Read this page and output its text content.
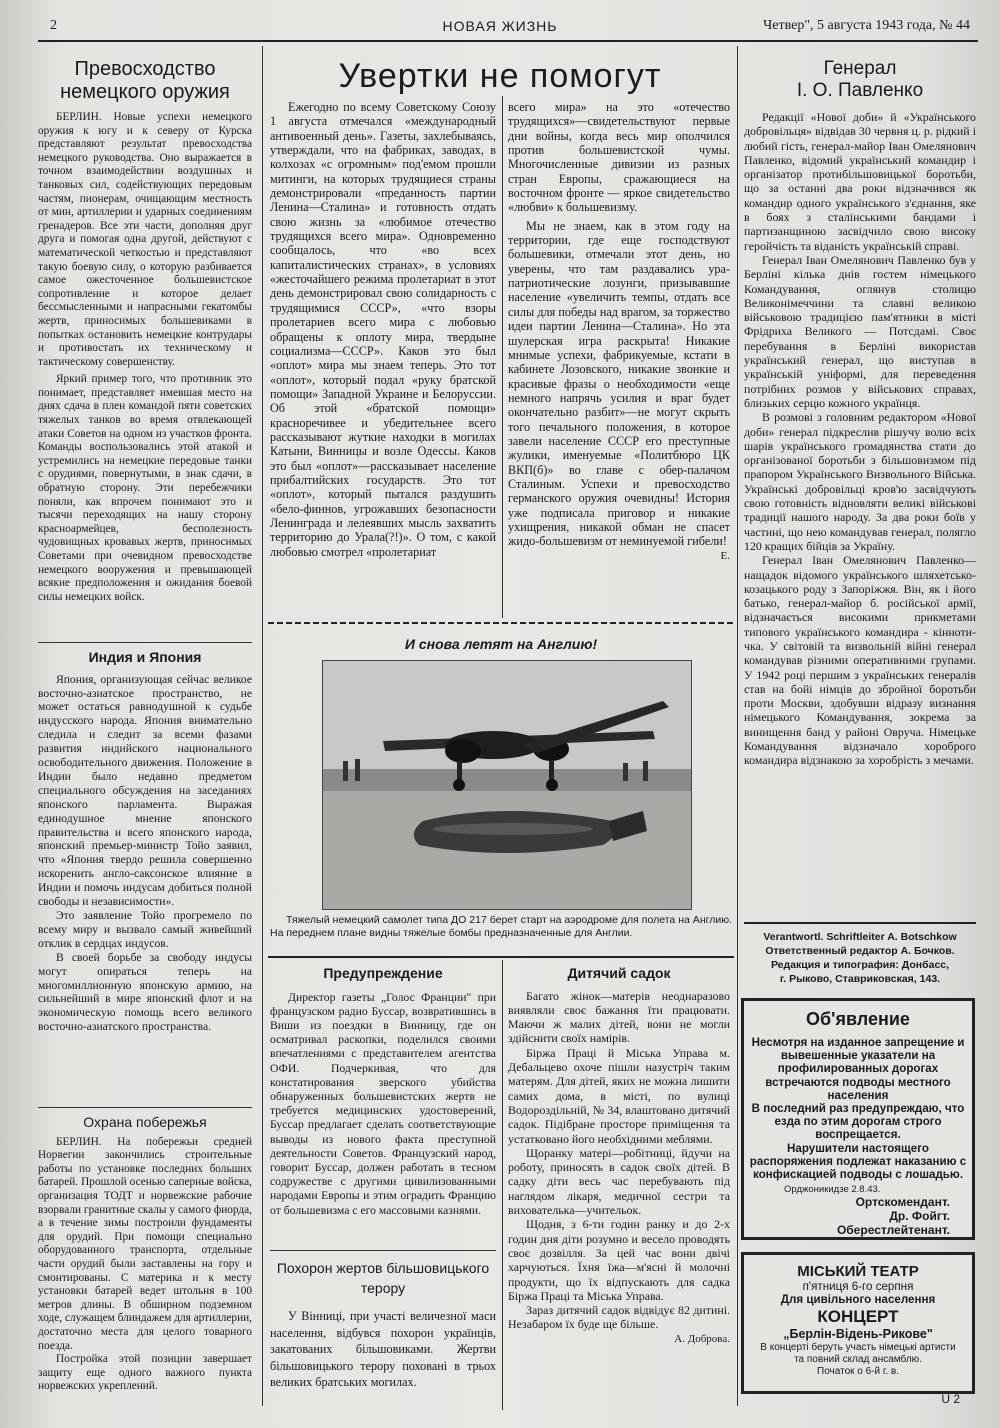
2	НОВАЯ ЖИЗНЬ	Четвер", 5 августа 1943 года, № 44
Превосходство немецкого оружия

БЕРЛИН. Новые успехи немецкого оружия к югу и к северу от Курска представляют результат превосходства немецкого руководства. Оно выражается в точном взаимодействии воздушных и танковых сил, содействующих передовым частям, пионерам, очищающим местность от мин, артиллерии и ударных соединениям гренадеров. Все эти части, дополняя друг друга и помогая одна другой, действуют с математической четкостью и представляют такую боевую силу, о которую разбивается самое ожесточенное большевистское сопротивление и которое делает бессмысленными и напрасными гекатомбы жертв, приносимых большевиками в попытках остановить немецкие контрудары и противостать их техническому и тактическому совершенству.

Яркий пример того, что противник это понимает, представляет имевшая место на днях сдача в плен командой пяти советских тяжелых танков во время отвлекающей атаки Советов на одном из участков фронта. Команды воспользовались этой атакой и устремились на немецкие передовые танки с орудиями, повернутыми, в знак сдачи, в обратную сторону. Эти перебежчики поняли, как впрочем понимают это и тысячи переходящих на нашу сторону красноармейцев, бесполезность чудовищных кровавых жертв, приносимых Советами при очевидном превосходстве немецкого вооружения и превышающей всякие предположения и ожидания боевой силы немецких войск.

Индия и Япония

Япония, организующая сейчас великое восточно-азиатское пространство, не может остаться равнодушной к судьбе индусского народа. Япония внимательно следила и следит за всеми фазами развития индийского национального освободительного движения. Положение в Индии было недавно предметом специального обсуждения на заседаниях японского парламента. Выражая единодушное мнение японского правительства и всего японского народа, японский премьер-министр Тойо заявил, что «Япония твердо решила совершенно искоренить англо-саксонское влияние в Индии и помочь индусам добиться полной свободы и независимости».

Это заявление Тойо прогремело по всему миру и вызвало самый живейший отклик в сердцах индусов.

В своей борьбе за свободу индусы могут опираться теперь на многомиллионную японскую армию, на сильнейший в мире японский флот и на экономическую помощь всего великого восточно-азиатского пространства.

Охрана побережья

БЕРЛИН. На побережьи средней Норвегии закончились строительные работы по установке последних больших батарей. Прошлой осенью саперные войска, организация ТОДТ и норвежские рабочие взорвали гранитные скалы у самого фиорда, а в течение зимы построили фундаменты для орудий. При помощи специально оборудованного транспорта, отдельные части орудий были заставлены на гору и смонтированы. С материка и к месту установки батарей ведет штольня в 100 метров длины. В обширном подземном ходе, служащем блиндажем для артиллерии, достаточно места для целого товарного поезда.

Постройка этой позиции завершает защиту еще одного важного пункта норвежских укреплений.

Увертки не помогут

Ежегодно по всему Советскому Союзу 1 августа отмечался «международный антивоенный день». Газеты, захлебываясь, утверждали, что на фабриках, заводах, в колхозах «с огромным» под'емом прошли митинги, на которых трудящиеся страны демонстрировали «преданность партии Ленина—Сталина» и готовность отдать свою жизнь за «любимое отечество трудящихся всего мира». Одновременно сообщалось, что «во всех капиталистических странах», в условиях «жесточайшего режима пролетариат в этот день демонстрировал свою солидарность с трудящимися СССР», «что взоры пролетариев всего мира с любовью обращены к оплоту мира, твердыне социализма—СССР». Каков это был «оплот» мира мы знаем теперь. Это тот «оплот», который подал «руку братской помощи» Западной Украине и Белоруссии. Об этой «братской помощи» красноречивее и убедительнее всего рассказывают жуткие находки в могилах Катыни, Винницы и возле Одессы. Каков это был «оплот»—рассказывает население прибалтийских государств. Это тот «оплот», который пытался раздушить «бело-финнов, угрожавших безопасности Ленинграда и лелеявших мысль захватить территорию до Урала(?!)». О том, с какой любовью смотрел «пролетариат

всего мира» на это «отечество трудящихся»—свидетельствуют первые дни войны, когда весь мир ополчился против большевистской чумы. Многочисленные дивизии из разных стран Европы, сражающиеся на восточном фронте — яркое свидетельство «любви» к большевизму.

Мы не знаем, как в этом году на территории, где еще господствуют большевики, отмечали этот день, но уверены, что там раздавались ура-патриотические лозунги, призывавшие население «увеличить темпы, отдать все силы для победы над врагом, за торжество идеи партии Ленина—Сталина». Но эта шулерская игра раскрыта! Никакие мнимые успехи, фабрикуемые, кстати в кабинете Лозовского, никакие звонкие и красивые фразы о необходимости «еще немного напрячь усилия и враг будет окончательно разбит»—не могут скрыть того печального положения, в которое завели население СССР его преступные жулики, именуемые «Политбюро ЦК ВКП(б)» во главе с обер-палачом Сталиным. Успехи и превосходство германского оружия очевидны! История уже подписала приговор и никакие ухищрения, никакой обман не спасет жидо-большевизм от неминуемой гибели!

Е.
И снова летят на Англию!
Тяжелый немецкий самолет типа ДО 217 берет старт на аэродроме для полета на Англию. На переднем плане видны тяжелые бомбы предназначенные для Англии.
Предупреждение

Директор газеты „Голос Франции" при французском радио Буссар, возвратившись в Виши из поездки в Винницу, где он осматривал раскопки, поделился своими впечатлениями с представителем агентства ОФИ. Подчеркивая, что для констатирования зверского убийства обнаруженных большевистских жертв не требуется медицинских удостоверений, Буссар предлагает сделать соответствующие выводы из нового факта преступной деятельности Советов. Французский народ, говорит Буссар, должен работать в тесном содружестве с другими цивилизованными народами Европы и этим оградить Францию от большевизма с его массовыми казнями.

Похорон жертов більшовицького терору

У Вінниці, при участі величезної маси населення, відбувся похорон українців, закатованих більшовиками. Жертви більшовицького терору поховані в трьох великих братських могилах.

Дитячий садок

Багато жінок—матерів неоднаразово виявляли своє бажання їти працювати. Маючи ж малих дітей, вони не могли здійснити своїх намірів.

Біржа Праці й Міська Управа м. Дебальцево охоче пішли назустріч таким матерям. Для дітей, яких не можна лишити самих дома, в місті, по вулиці Водороздільній, № 34, влаштовано дитячий садок. Підібране просторе приміщення та устатковано його необхідними меблями.

Щоранку матері—робітниці, йдучи на роботу, приносять в садок своїх дітей. В садку діти весь час перебувають під наглядом лікаря, медичної сестри та вихователька—учительок.

Щодня, з 6-ти годин ранку и до 2-х годин дня діти розумно и весело проводять своє дозвілля. За цей час вони двічі харчуються. Їхня їжа—м'ясні й молочні продукти, що їх відпускають для садка Біржа Праці та Міська Управа.

Зараз дитячий садок відвідує 82 дитині. Незабаром їх буде ще більше.

А. Доброва.
Генерал
І. О. Павленко

Редакції «Нової доби» й «Українського добровільця» відвідав 30 червня ц. р. рідкий і любий гість, генерал-майор Іван Омелянович Павленко, відомий український командир і організатор протибільшовицької боротьби, що за останні два роки відзначився як командир одного українського з'єднання, яке в боях з сталінськими бандами і партизанщиною засвідчило свою високу геройчість та віданість українській справі.

Генерал Іван Омелянович Павленко був у Берліні кілька днів гостем німецького Командування, оглянув столицю Великонімеччини та славні великою військовою традицією пам'ятники в місті Фрідриха Великого — Потсдамі. Своє перебування в Берліні використав український генерал, що виступав в українській уніформі, для переведення потрібних розмов у військових справах, близьких серцю кожного українця.

В розмові з головним редактором «Нової доби» генерал підкреслив рішучу волю всіх шарів українського громадянства стати до організованої боротьби з більшовизмом під прапором Українського Визвольного Війська. Українські добровільці кров'ю засвідчують свою готовність відновляти великі військові традиції нашого народу. За два роки боїв у частині, що нею командував генерал, полягло 120 кращих бійців за Україну.

Генерал Іван Омелянович Павленко—нащадок відомого українського шляхетсько-козацького роду з Запоріжжя. Він, як і його батько, генерал-майор б. російської армії, відзначається високими прикметами типового українського командира - кіннотичка. У світовій та визвольній війні генерал командував різними оперативними групами. У 1942 році першим з українських генералів став на бойі німців до збройної боротьби проти Москви, здобувши відразу визнання німецького Командування, зокрема за винищення банд у районі Овруча. Німецьке Командування відзначало хороброго командира відзнакою за хоробрість з мечами.

Verantwortl. Schriftleiter A. Botschkow
Ответственный редактор А. Бочков.
Редакция и типография: Донбасс,
г. Рыково, Ставриковская, 143.
Об'явление

Несмотря на изданное запрещение и вывешенные указатели на профилированных дорогах встречаются подводы местного населения

В последний раз предупреждаю, что езда по этим дорогам строго воспрещается.

Нарушители настоящего распоряжения подлежат наказанию с конфискацией подводы с лошадью.

Орджоникидзе 2.8.43.
Ортскомендант.
Др. Фойгт.
Оберестлейтенант.
МІСЬКИЙ ТЕАТР

п'ятниця 6-го серпня

Для цивільного населення

КОНЦЕРТ

„Берлін-Відень-Рикове"

В концерті беруть участь німецькі артисти та повний склад ансамблю.

Початок о 6-й г. в.

U 2
